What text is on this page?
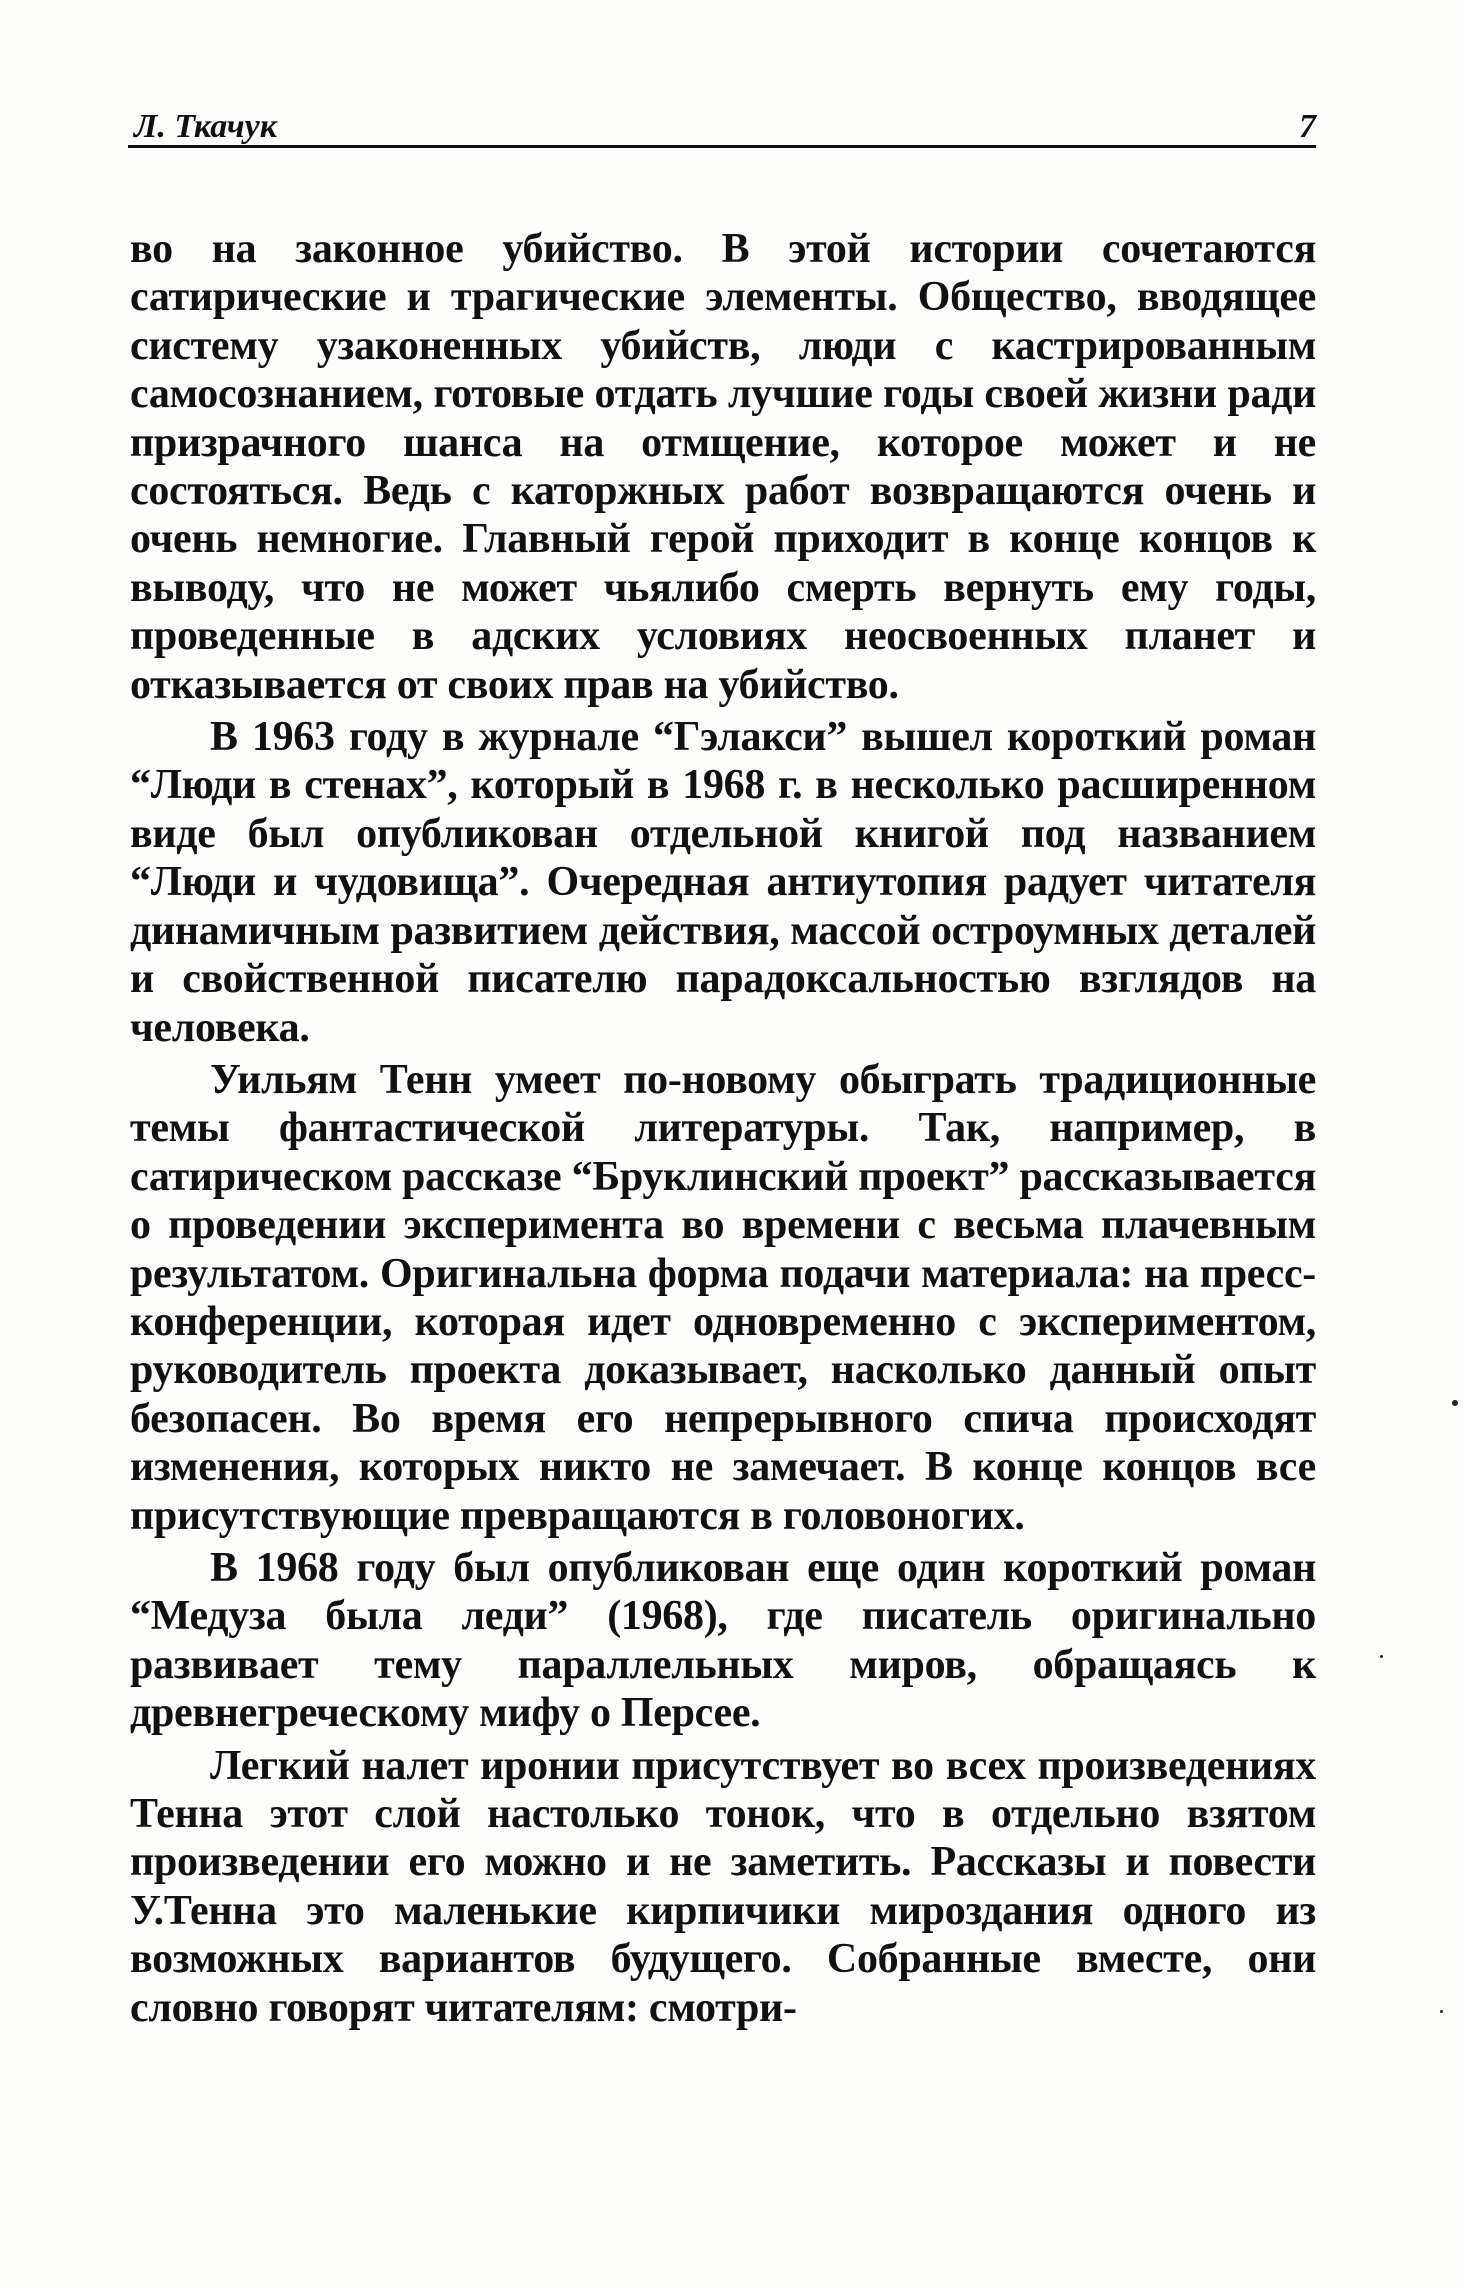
Л. Ткачук	7

во на законное убийство. В этой истории сочетаются сатирические и трагические элементы. Общество, вводящее систему узаконенных убийств, люди с кастрированным самосознанием, готовые отдать лучшие годы своей жизни ради призрачного шанса на отмщение, которое может и не состояться. Ведь с каторжных работ возвращаются очень и очень немногие. Главный герой приходит в конце концов к выводу, что не может чьялибо смерть вернуть ему годы, проведенные в адских условиях неосвоенных планет и отказывается от своих прав на убийство.

В 1963 году в журнале “Гэлакси” вышел короткий роман “Люди в стенах”, который в 1968 г. в несколько расширенном виде был опубликован отдельной книгой под названием “Люди и чудовища”. Очередная антиутопия радует читателя динамичным развитием действия, массой остроумных деталей и свойственной писателю парадоксальностью взглядов на человека.

Уильям Тенн умеет по-новому обыграть традиционные темы фантастической литературы. Так, например, в сатирическом рассказе “Бруклинский проект” рассказывается о проведении эксперимента во времени с весьма плачевным результатом. Оригинальна форма подачи материала: на пресс-конференции, которая идет одновременно с экспериментом, руководитель проекта доказывает, насколько данный опыт безопасен. Во время его непрерывного спича происходят изменения, которых никто не замечает. В конце концов все присутствующие превращаются в головоногих.

В 1968 году был опубликован еще один короткий роман “Медуза была леди” (1968), где писатель оригинально развивает тему параллельных миров, обращаясь к древнегреческому мифу о Персее.

Легкий налет иронии присутствует во всех произведениях Тенна этот слой настолько тонок, что в отдельно взятом произведении его можно и не заметить. Рассказы и повести У.Тенна это маленькие кирпичики мироздания одного из возможных вариантов будущего. Собранные вместе, они словно говорят читателям: смотри-
